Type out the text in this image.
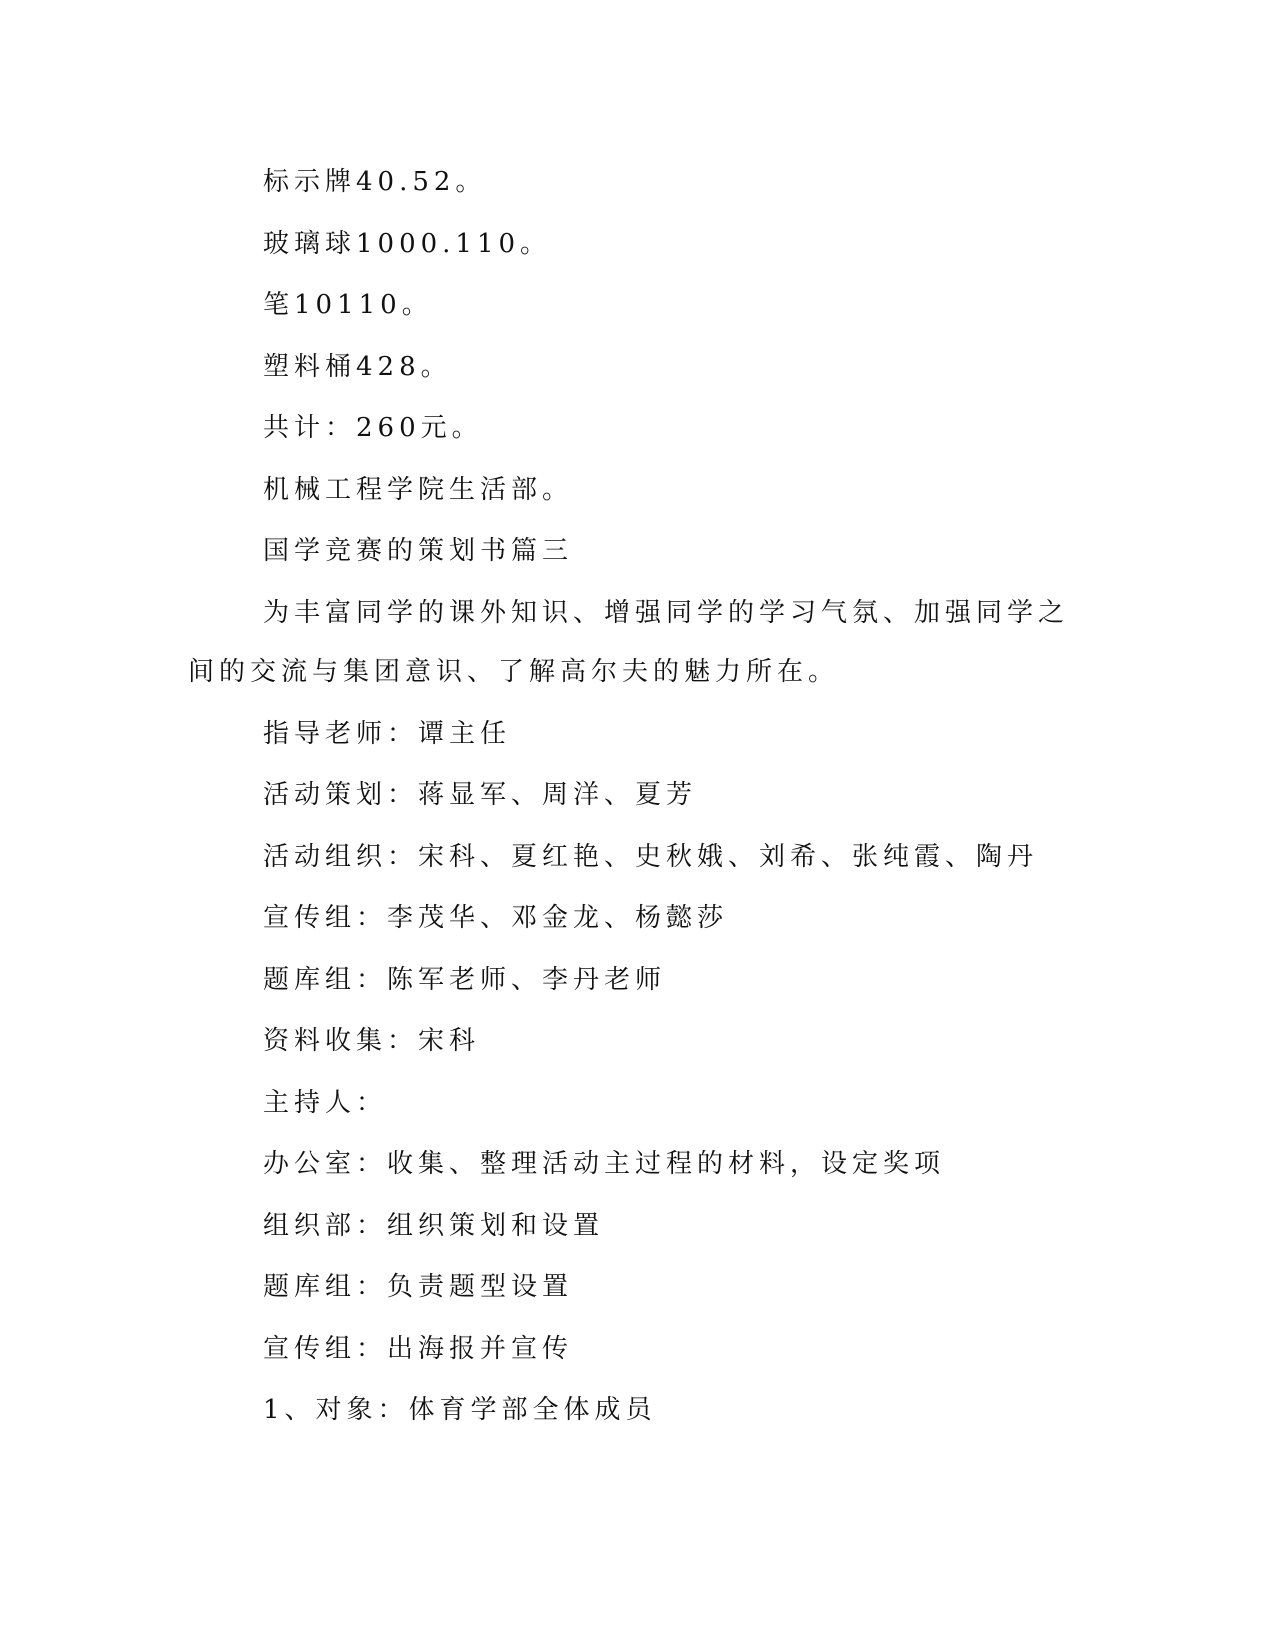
标示牌40.52。

玻璃球1000.110。

笔10110。

塑料桶428。

共计：260元。

机械工程学院生活部。

国学竞赛的策划书篇三

为丰富同学的课外知识、增强同学的学习气氛、加强同学之间的交流与集团意识、了解高尔夫的魅力所在。

指导老师：谭主任

活动策划：蒋显军、周洋、夏芳

活动组织：宋科、夏红艳、史秋娥、刘希、张纯霞、陶丹

宣传组：李茂华、邓金龙、杨懿莎

题库组：陈军老师、李丹老师

资料收集：宋科

主持人：

办公室：收集、整理活动主过程的材料，设定奖项

组织部：组织策划和设置

题库组：负责题型设置

宣传组：出海报并宣传

1、对象：体育学部全体成员
